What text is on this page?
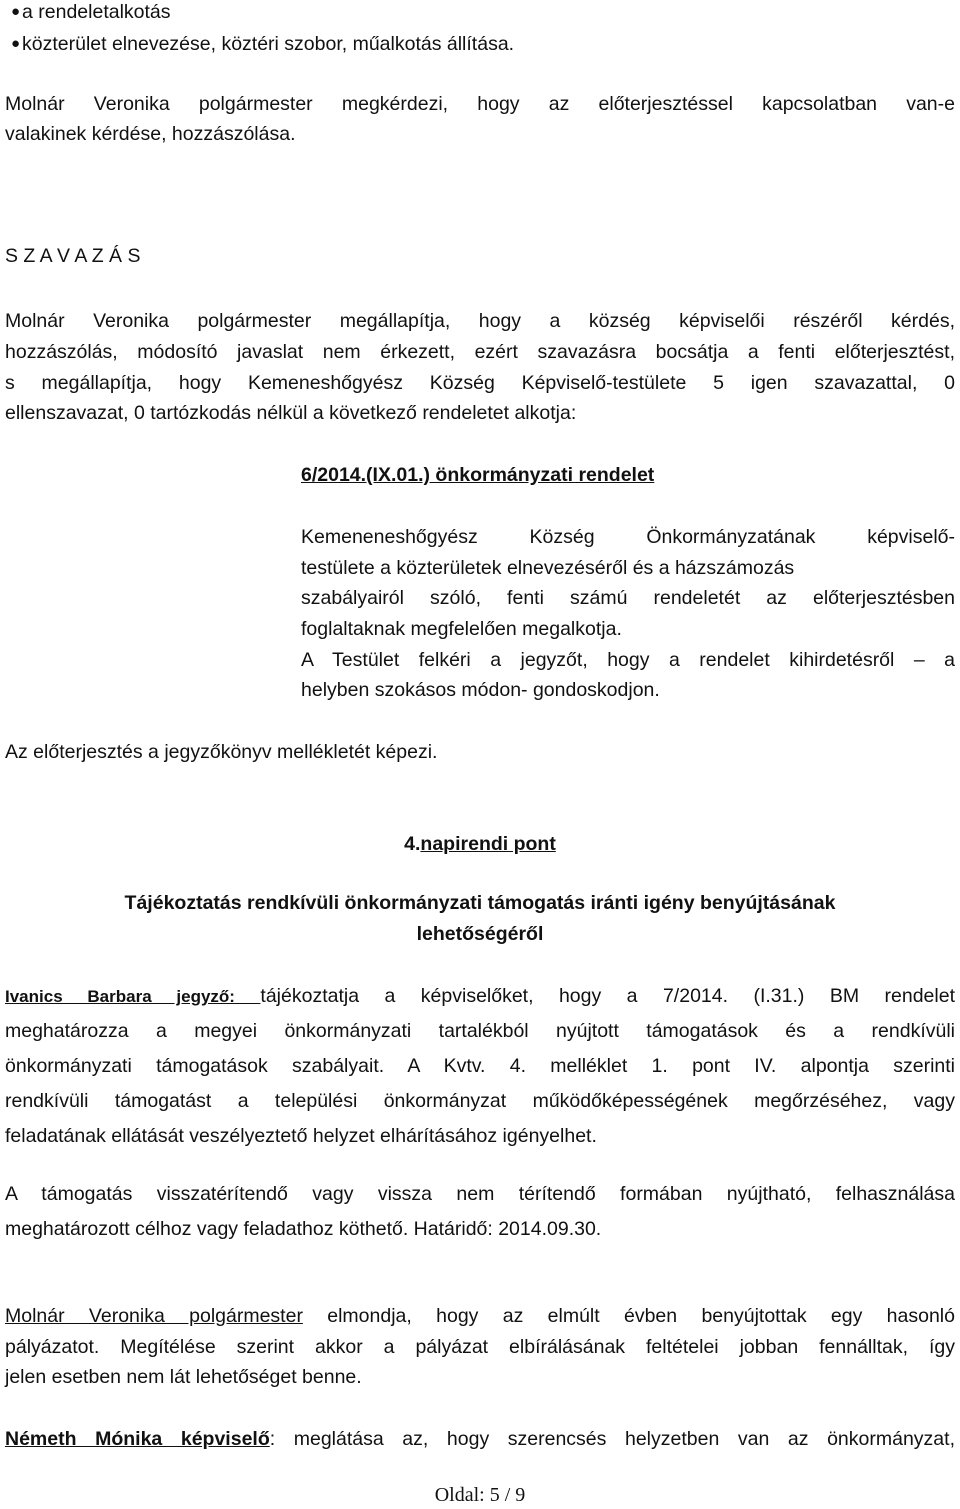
● a rendeletalkotás
● közterület elnevezése, köztéri szobor, műalkotás állítása.
Molnár Veronika polgármester megkérdezi, hogy az előterjesztéssel kapcsolatban van-e
valakinek kérdése, hozzászólása.
S Z A V A Z Á S
Molnár Veronika polgármester megállapítja, hogy a község képviselői részéről kérdés,
hozzászólás, módosító javaslat nem érkezett, ezért szavazásra bocsátja a fenti előterjesztést,
s megállapítja, hogy Kemeneshőgyész Község Képviselő-testülete 5 igen szavazattal, 0
ellenszavazat, 0 tartózkodás nélkül a következő rendeletet alkotja:
6/2014.(IX.01.) önkormányzati rendelet
Kemeneneshőgyész Község Önkormányzatának képviselő-
testülete a közterületek elnevezéséről és a házszámozás
szabályairól szóló, fenti számú rendeletét az előterjesztésben
foglaltaknak megfelelően megalkotja.
A Testület felkéri a jegyzőt, hogy a rendelet kihirdetésről – a
helyben szokásos módon- gondoskodjon.
Az előterjesztés a jegyzőkönyv mellékletét képezi.
4.napirendi pont
Tájékoztatás rendkívüli önkormányzati támogatás iránti igény benyújtásának
lehetőségéről
Ivanics Barbara jegyző: tájékoztatja a képviselőket, hogy a 7/2014. (I.31.) BM rendelet
meghatározza a megyei önkormányzati tartalékból nyújtott támogatások és a rendkívüli
önkormányzati támogatások szabályait. A Kvtv. 4. melléklet 1. pont IV. alpontja szerinti
rendkívüli támogatást a települési önkormányzat működőképességének megőrzéséhez, vagy
feladatának ellátását veszélyeztető helyzet elhárításához igényelhet.
A támogatás visszatérítendő vagy vissza nem térítendő formában nyújtható, felhasználása
meghatározott célhoz vagy feladathoz köthető. Határidő: 2014.09.30.
Molnár Veronika polgármester elmondja, hogy az elmúlt évben benyújtottak egy hasonló
pályázatot. Megítélése szerint akkor a pályázat elbírálásának feltételei jobban fennálltak, így
jelen esetben nem lát lehetőséget benne.
Németh Mónika képviselő: meglátása az, hogy szerencsés helyzetben van az önkormányzat,
Oldal: 5 / 9
